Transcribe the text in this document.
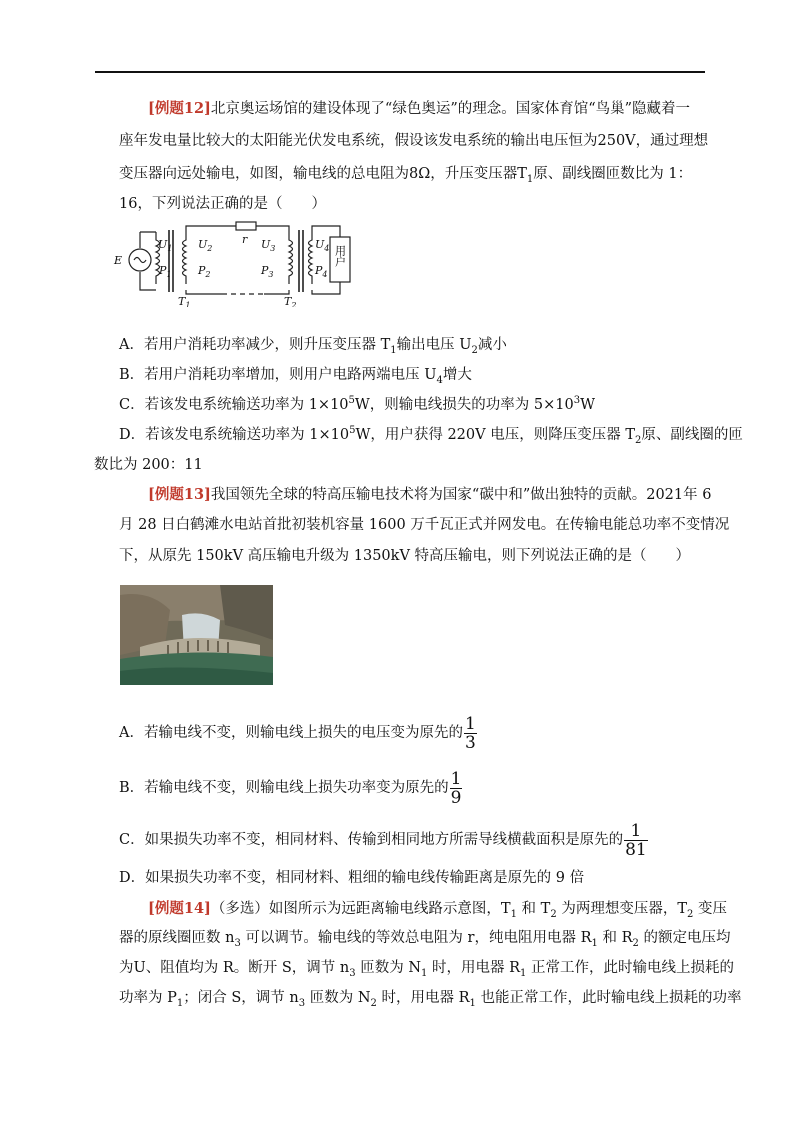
[例题12]北京奥运场馆的建设体现了“绿色奥运”的理念。国家体育馆“鸟巢”隐藏着一
座年发电量比较大的太阳能光伏发电系统，假设该发电系统的输出电压恒为250V，通过理想
变压器向远处输电，如图，输电线的总电阻为8Ω，升压变压器$T_1$原、副线圈匝数比为 1：
16，下列说法正确的是（　　）
E
r
$U_1$
$P_1$
$U_2$
$P_2$
$U_3$
$P_3$
$U_4$
$P_4$
$T_1$	$T_2$
用户
A．若用户消耗功率减少，则升压变压器 $T_1$输出电压 $U_2$减小
B．若用户消耗功率增加，则用户电路两端电压 $U_4$增大
C．若该发电系统输送功率为 $1\times 10^5W$，则输电线损失的功率为 $5\times 10^3W$
D．若该发电系统输送功率为 $1\times 10^5W$，用户获得 220V 电压，则降压变压器 $T_2$原、副线圈的匝
数比为 200：11
[例题13]我国领先全球的特高压输电技术将为国家“碳中和”做出独特的贡献。2021年 6
月 28 日白鹤滩水电站首批初装机容量 1600 万千瓦正式并网发电。在传输电能总功率不变情况
下，从原先 150kV 高压输电升级为 1350kV 特高压输电，则下列说法正确的是（　　）
A．若输电线不变，则输电线上损失的电压变为原先的 $\frac{1}{3}$
B．若输电线不变，则输电线上损失功率变为原先的 $\frac{1}{9}$
C．如果损失功率不变，相同材料、传输到相同地方所需导线横截面积是原先的 $\frac{1}{81}$
D．如果损失功率不变，相同材料、粗细的输电线传输距离是原先的 9 倍
[例题14]（多选）如图所示为远距离输电线路示意图，$T_1$ 和 $T_2$ 为两理想变压器，$T_2$ 变压
器的原线圈匝数 $n_3$ 可以调节。输电线的等效总电阻为 r，纯电阻用电器 $R_1$ 和 $R_2$ 的额定电压均
为U、阻值均为 R。断开 S，调节 $n_3$ 匝数为 $N_1$ 时，用电器 $R_1$ 正常工作，此时输电线上损耗的
功率为 $P_1$；闭合 S，调节 $n_3$ 匝数为 $N_2$ 时，用电器 $R_1$ 也能正常工作，此时输电线上损耗的功率
